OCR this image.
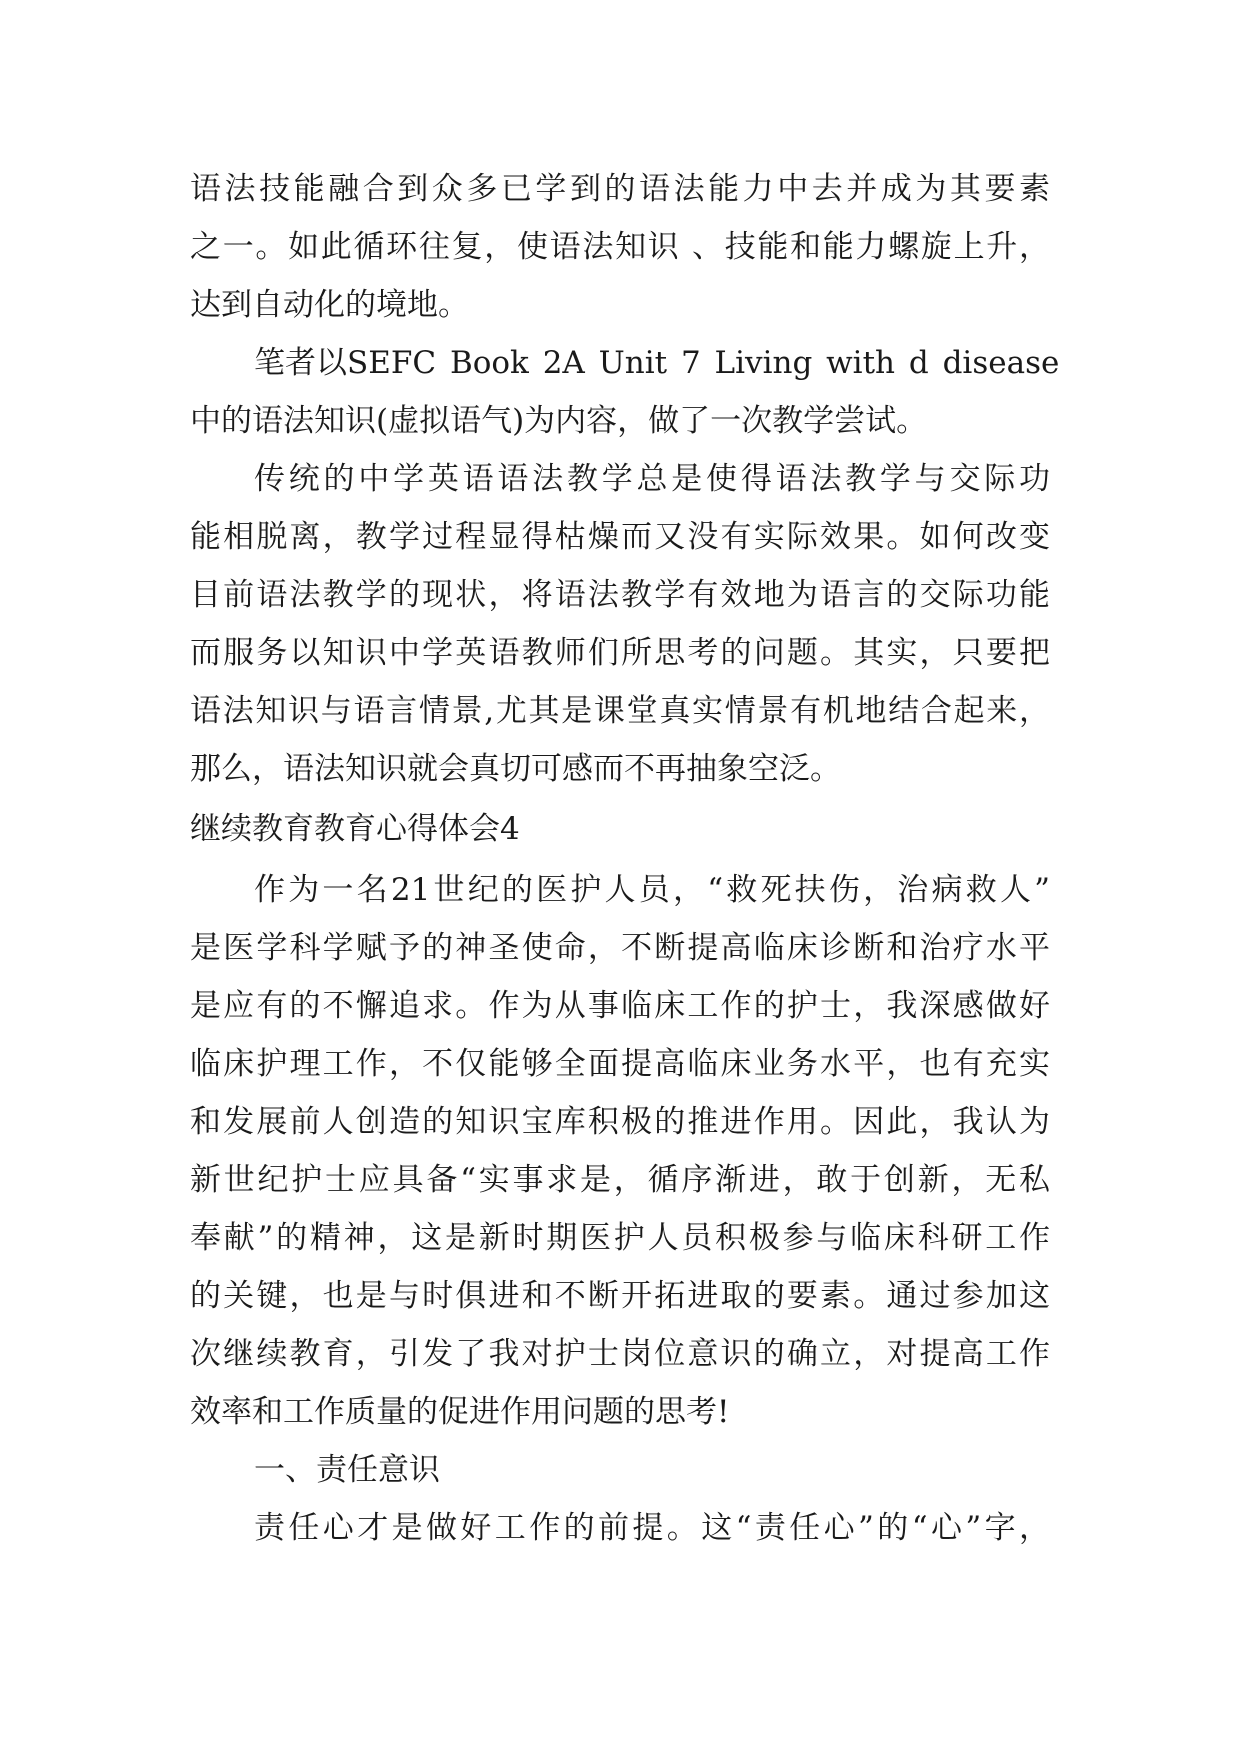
语法技能融合到众多已学到的语法能力中去并成为其要素
之一。如此循环往复，使语法知识 、技能和能力螺旋上升，
达到自动化的境地。
笔者以SEFC Book 2A Unit 7 Living with d disease
中的语法知识(虚拟语气)为内容，做了一次教学尝试。
传统的中学英语语法教学总是使得语法教学与交际功
能相脱离，教学过程显得枯燥而又没有实际效果。如何改变
目前语法教学的现状，将语法教学有效地为语言的交际功能
而服务以知识中学英语教师们所思考的问题。其实，只要把
语法知识与语言情景,尤其是课堂真实情景有机地结合起来，
那么，语法知识就会真切可感而不再抽象空泛。
继续教育教育心得体会4
作为一名21世纪的医护人员，“救死扶伤，治病救人”
是医学科学赋予的神圣使命，不断提高临床诊断和治疗水平
是应有的不懈追求。作为从事临床工作的护士，我深感做好
临床护理工作，不仅能够全面提高临床业务水平，也有充实
和发展前人创造的知识宝库积极的推进作用。因此，我认为
新世纪护士应具备“实事求是，循序渐进，敢于创新，无私
奉献”的精神，这是新时期医护人员积极参与临床科研工作
的关键，也是与时俱进和不断开拓进取的要素。通过参加这
次继续教育，引发了我对护士岗位意识的确立，对提高工作
效率和工作质量的促进作用问题的思考!
一、责任意识
责任心才是做好工作的前提。这“责任心”的“心”字，
